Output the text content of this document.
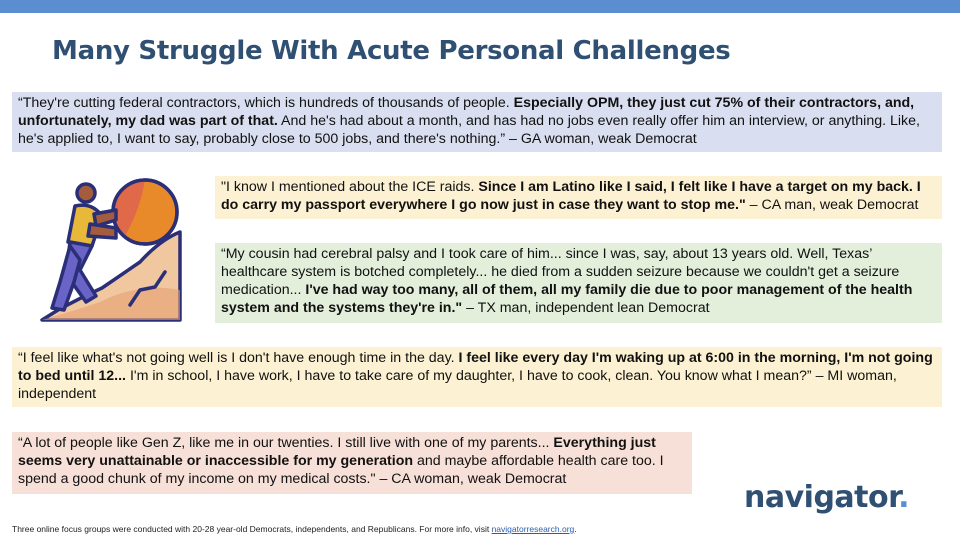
Many Struggle With Acute Personal Challenges
“They're cutting federal contractors, which is hundreds of thousands of people. Especially OPM, they just cut 75% of their contractors, and, unfortunately, my dad was part of that. And he's had about a month, and has had no jobs even really offer him an interview, or anything. Like, he's applied to, I want to say, probably close to 500 jobs, and there's nothing.” – GA woman, weak Democrat
"I know I mentioned about the ICE raids. Since I am Latino like I said, I felt like I have a target on my back. I do carry my passport everywhere I go now just in case they want to stop me." – CA man, weak Democrat
“My cousin had cerebral palsy and I took care of him... since I was, say, about 13 years old. Well, Texas’ healthcare system is botched completely... he died from a sudden seizure because we couldn't get a seizure medication... I've had way too many, all of them, all my family die due to poor management of the health system and the systems they're in." – TX man, independent lean Democrat
“I feel like what's not going well is I don't have enough time in the day. I feel like every day I'm waking up at 6:00 in the morning, I'm not going to bed until 12... I'm in school, I have work, I have to take care of my daughter, I have to cook, clean. You know what I mean?” – MI woman, independent
“A lot of people like Gen Z, like me in our twenties. I still live with one of my parents... Everything just seems very unattainable or inaccessible for my generation and maybe affordable health care too. I spend a good chunk of my income on my medical costs." – CA woman, weak Democrat
navigator.
Three online focus groups were conducted with 20-28 year-old Democrats, independents, and Republicans. For more info, visit navigatorresearch.org.
